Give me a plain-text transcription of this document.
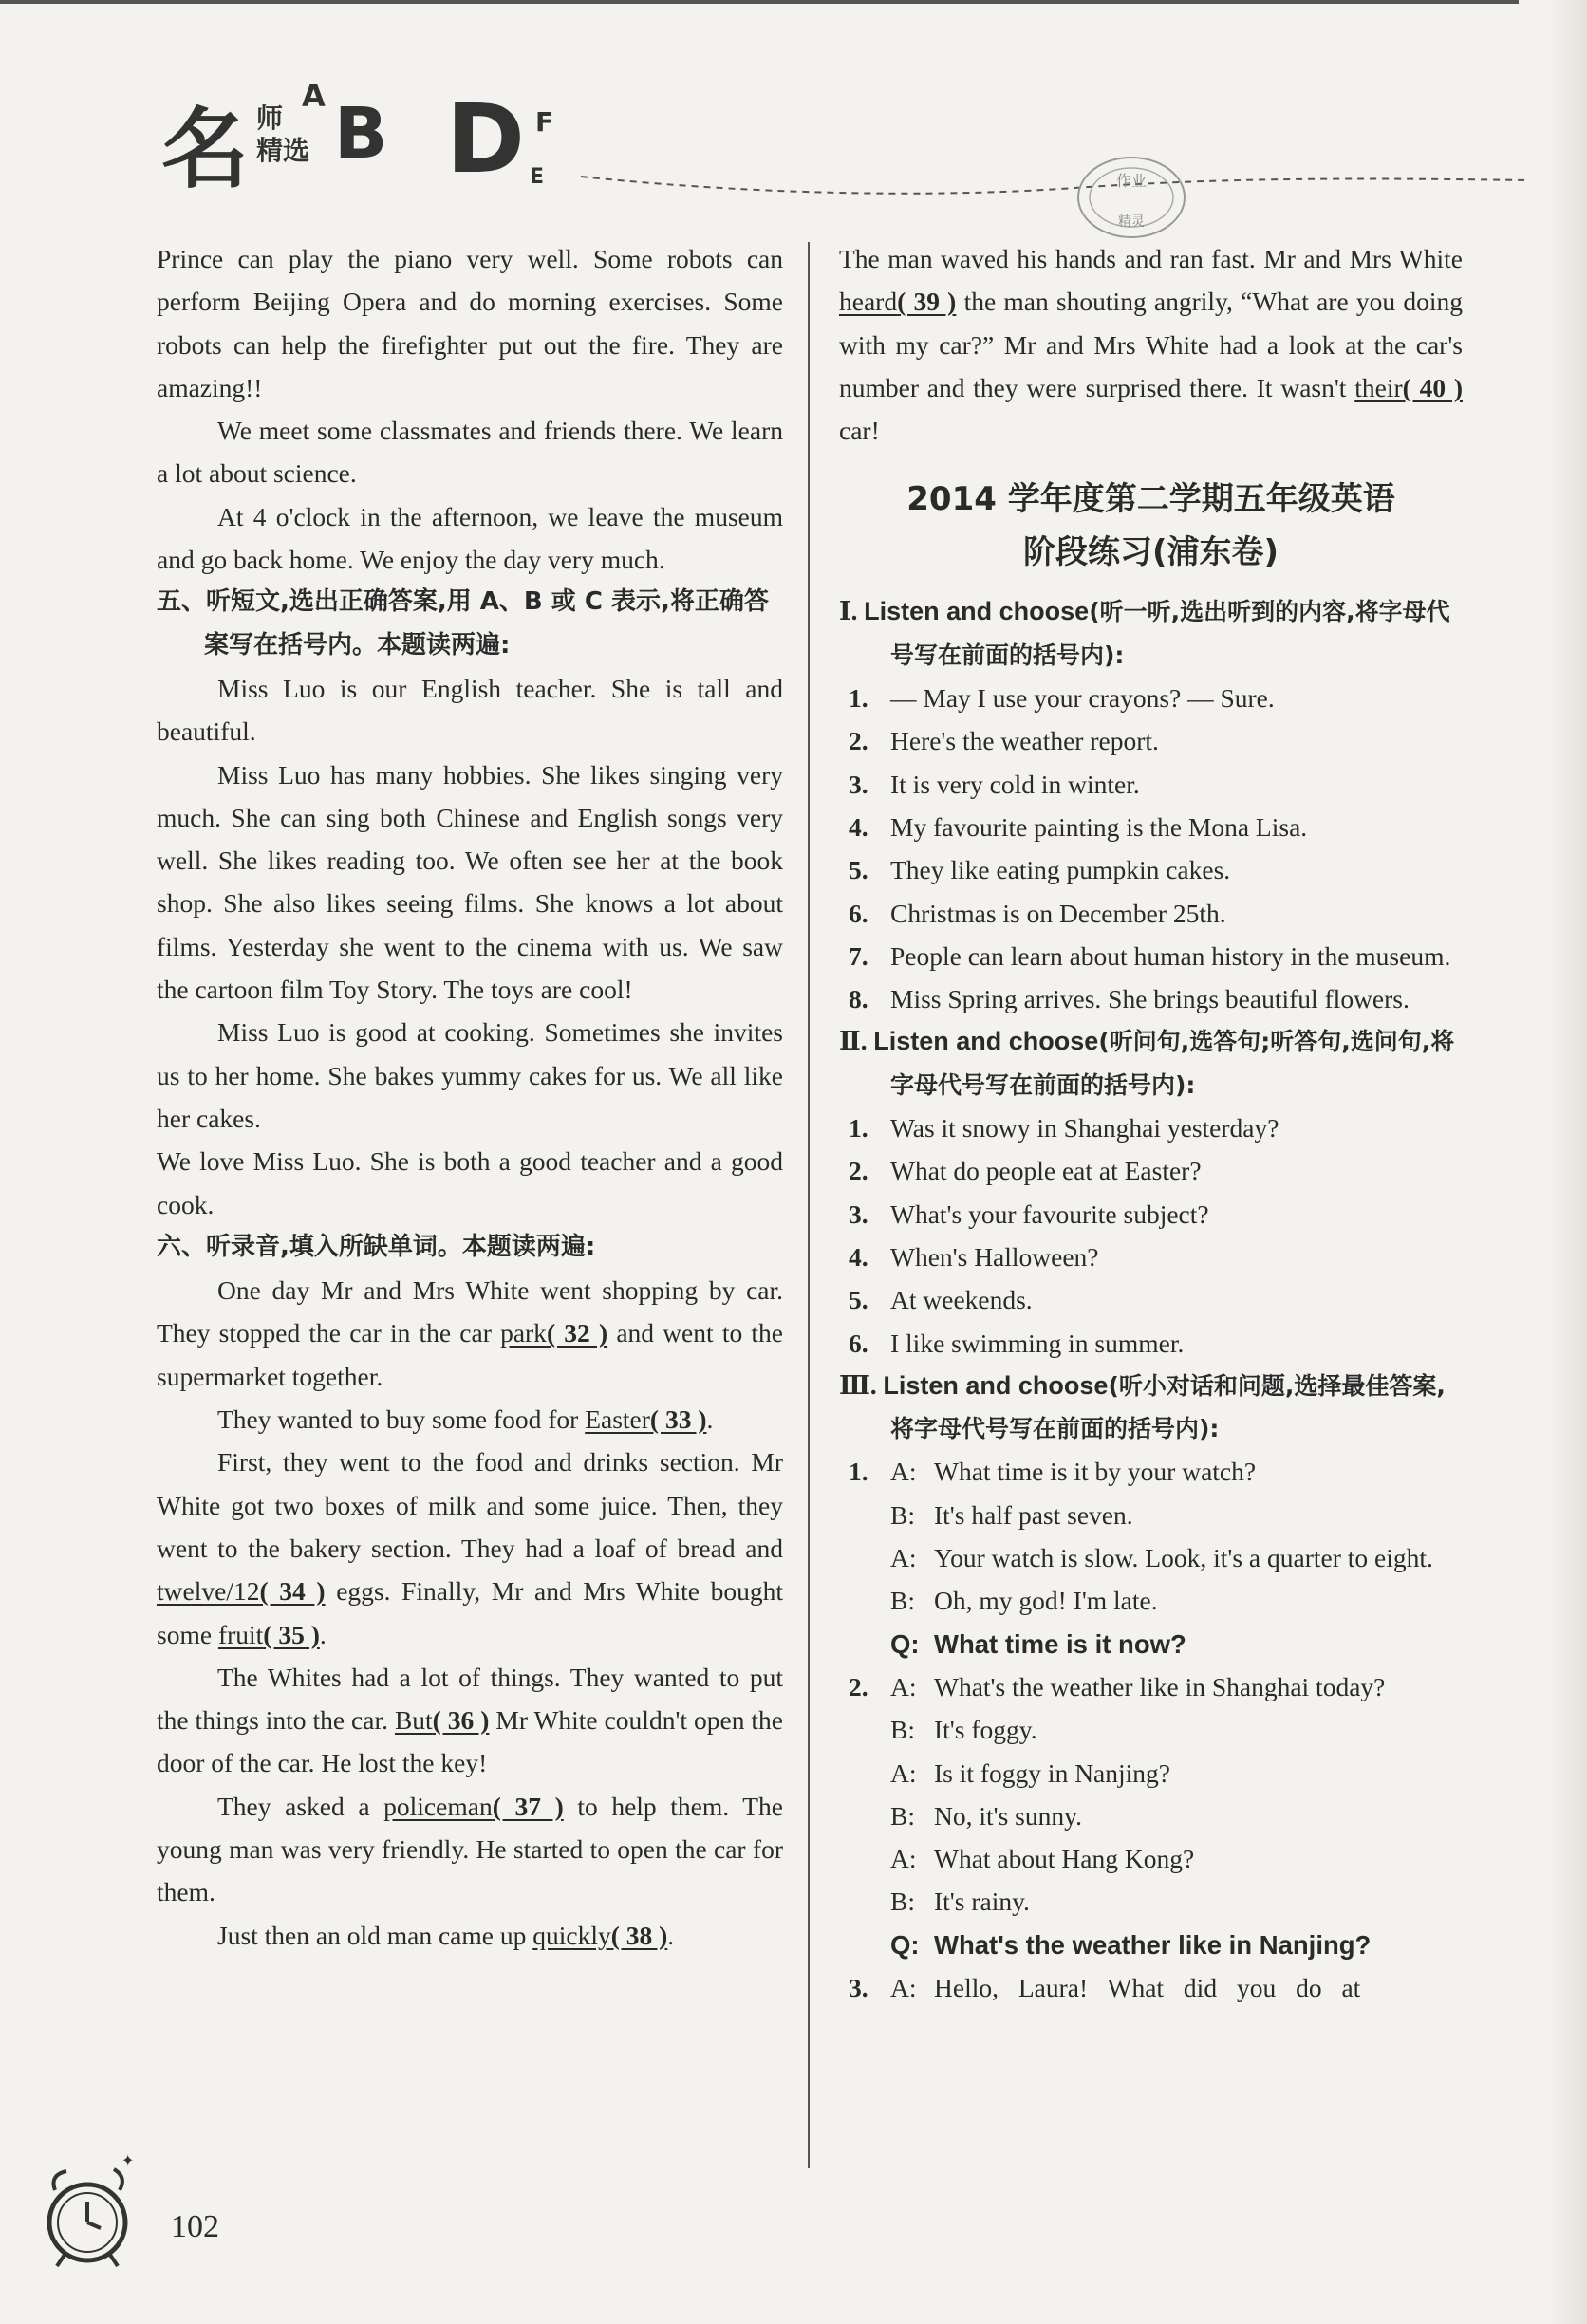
名 师
精选
A B D E
F
作业
精灵

Prince can play the piano very well. Some robots can perform Beijing Opera and do morning exercises. Some robots can help the firefighter put out the fire. They are amazing!!

We meet some classmates and friends there. We learn a lot about science.

At 4 o'clock in the afternoon, we leave the museum and go back home. We enjoy the day very much.

五、听短文,选出正确答案,用 A、B 或 C 表示,将正确答案写在括号内。本题读两遍:

Miss Luo is our English teacher. She is tall and beautiful.

Miss Luo has many hobbies. She likes singing very much. She can sing both Chinese and English songs very well. She likes reading too. We often see her at the book shop. She also likes seeing films. She knows a lot about films. Yesterday she went to the cinema with us. We saw the cartoon film Toy Story. The toys are cool!

Miss Luo is good at cooking. Sometimes she invites us to her home. She bakes yummy cakes for us. We all like her cakes.

We love Miss Luo. She is both a good teacher and a good cook.

六、听录音,填入所缺单词。本题读两遍:

One day Mr and Mrs White went shopping by car. They stopped the car in the car park( 32 ) and went to the supermarket together.

They wanted to buy some food for Easter( 33 ).

First, they went to the food and drinks section. Mr White got two boxes of milk and some juice. Then, they went to the bakery section. They had a loaf of bread and twelve/12( 34 ) eggs. Finally, Mr and Mrs White bought some fruit( 35 ).

The Whites had a lot of things. They wanted to put the things into the car. But( 36 ) Mr White couldn't open the door of the car. He lost the key!

They asked a policeman( 37 ) to help them. The young man was very friendly. He started to open the car for them.

Just then an old man came up quickly( 38 ).

The man waved his hands and ran fast. Mr and Mrs White heard( 39 ) the man shouting angrily, “What are you doing with my car?” Mr and Mrs White had a look at the car's number and they were surprised there. It wasn't their( 40 ) car!

2014 学年度第二学期五年级英语
阶段练习(浦东卷)

Ⅰ. Listen and choose(听一听,选出听到的内容,将字母代号写在前面的括号内):

1. — May I use your crayons? — Sure.

2. Here's the weather report.

3. It is very cold in winter.

4. My favourite painting is the Mona Lisa.

5. They like eating pumpkin cakes.

6. Christmas is on December 25th.

7. People can learn about human history in the museum.

8. Miss Spring arrives. She brings beautiful flowers.

Ⅱ. Listen and choose(听问句,选答句;听答句,选问句,将字母代号写在前面的括号内):

1. Was it snowy in Shanghai yesterday?

2. What do people eat at Easter?

3. What's your favourite subject?

4. When's Halloween?

5. At weekends.

6. I like swimming in summer.

Ⅲ. Listen and choose(听小对话和问题,选择最佳答案,将字母代号写在前面的括号内):

1. A: What time is it by your watch?

B: It's half past seven.

A: Your watch is slow. Look, it's a quarter to eight.

B: Oh, my god! I'm late.

Q: What time is it now?

2. A: What's the weather like in Shanghai today?

B: It's foggy.

A: Is it foggy in Nanjing?

B: No, it's sunny.

A: What about Hang Kong?

B: It's rainy.

Q: What's the weather like in Nanjing?

3. A: Hello, Laura! What did you do at

✦
102
